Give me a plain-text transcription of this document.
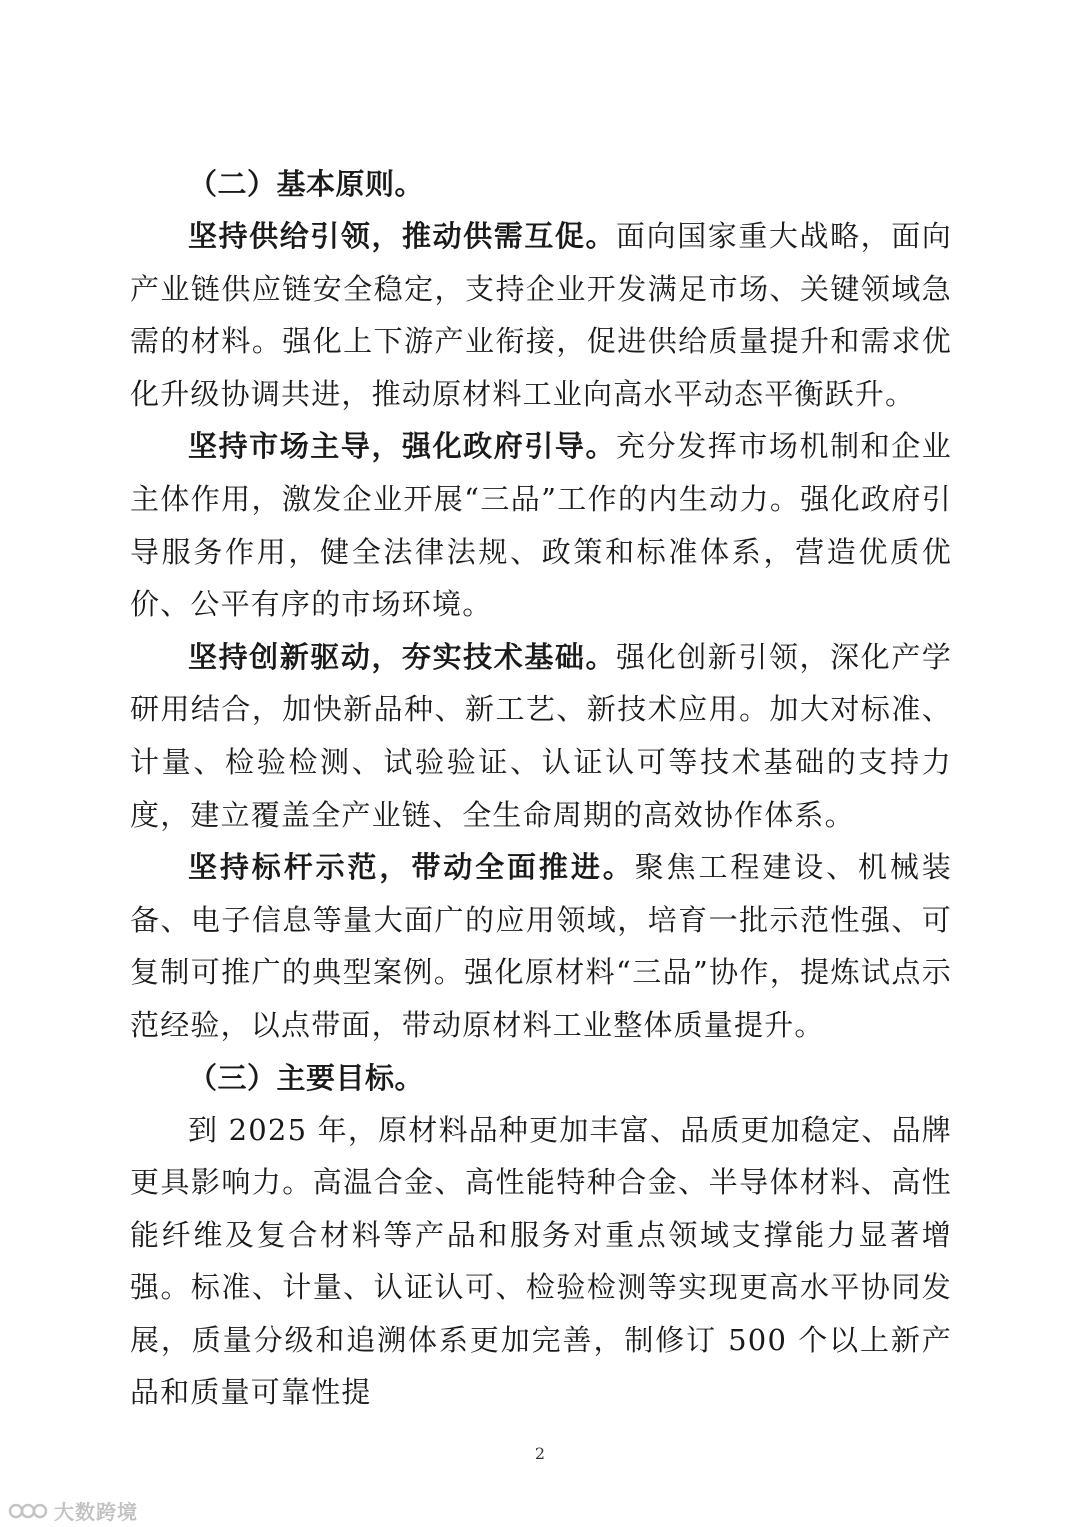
（二）基本原则。

坚持供给引领，推动供需互促。面向国家重大战略，面向产业链供应链安全稳定，支持企业开发满足市场、关键领域急需的材料。强化上下游产业衔接，促进供给质量提升和需求优化升级协调共进，推动原材料工业向高水平动态平衡跃升。

坚持市场主导，强化政府引导。充分发挥市场机制和企业主体作用，激发企业开展“三品”工作的内生动力。强化政府引导服务作用，健全法律法规、政策和标准体系，营造优质优价、公平有序的市场环境。

坚持创新驱动，夯实技术基础。强化创新引领，深化产学研用结合，加快新品种、新工艺、新技术应用。加大对标准、计量、检验检测、试验验证、认证认可等技术基础的支持力度，建立覆盖全产业链、全生命周期的高效协作体系。

坚持标杆示范，带动全面推进。聚焦工程建设、机械装备、电子信息等量大面广的应用领域，培育一批示范性强、可复制可推广的典型案例。强化原材料“三品”协作，提炼试点示范经验，以点带面，带动原材料工业整体质量提升。

（三）主要目标。

到 2025 年，原材料品种更加丰富、品质更加稳定、品牌更具影响力。高温合金、高性能特种合金、半导体材料、高性能纤维及复合材料等产品和服务对重点领域支撑能力显著增强。标准、计量、认证认可、检验检测等实现更高水平协同发展，质量分级和追溯体系更加完善，制修订 500 个以上新产品和质量可靠性提

2
大数跨境
